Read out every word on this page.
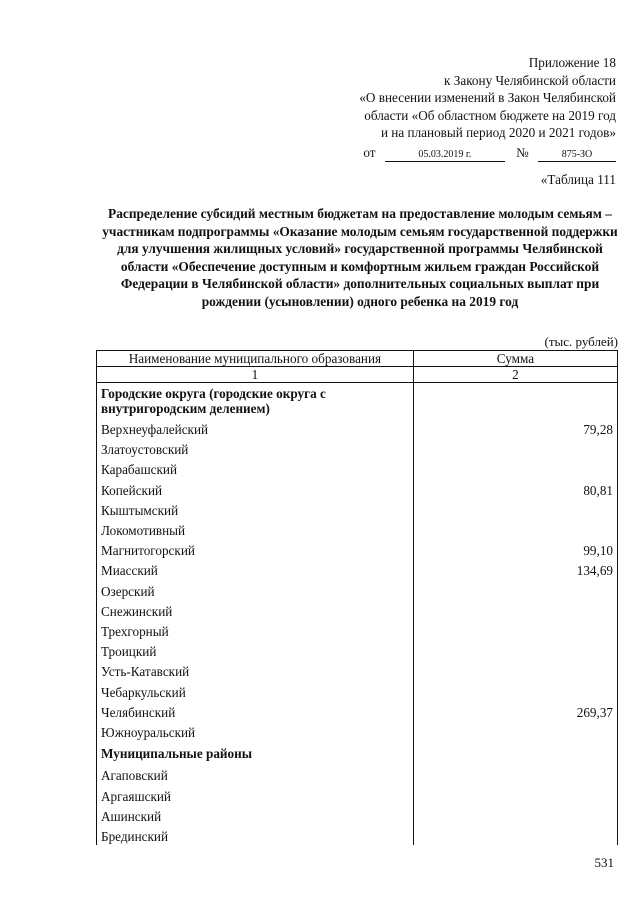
Приложение 18
к Закону Челябинской области
«О внесении изменений в Закон Челябинской
области «Об областном бюджете на 2019 год
и на плановый период 2020 и 2021 годов»
от	05.03.2019 г.	№	875-ЗО
«Таблица 111
Распределение субсидий местным бюджетам на предоставление молодым семьям – участникам подпрограммы «Оказание молодым семьям государственной поддержки для улучшения жилищных условий» государственной программы Челябинской области «Обеспечение доступным и комфортным жильем граждан Российской Федерации в Челябинской области» дополнительных социальных выплат при рождении (усыновлении) одного ребенка на 2019 год
(тыс. рублей)
Наименование муниципального образования	Сумма
1	2
Городские округа (городские округа с внутригородским делением)	
Верхнеуфалейский	79,28
Златоустовский	
Карабашский	
Копейский	80,81
Кыштымский	
Локомотивный	
Магнитогорский	99,10
Миасский	134,69
Озерский	
Снежинский	
Трехгорный	
Троицкий	
Усть-Катавский	
Чебаркульский	
Челябинский	269,37
Южноуральский	
Муниципальные районы	
Агаповский	
Аргаяшский	
Ашинский	
Брединский	
531
